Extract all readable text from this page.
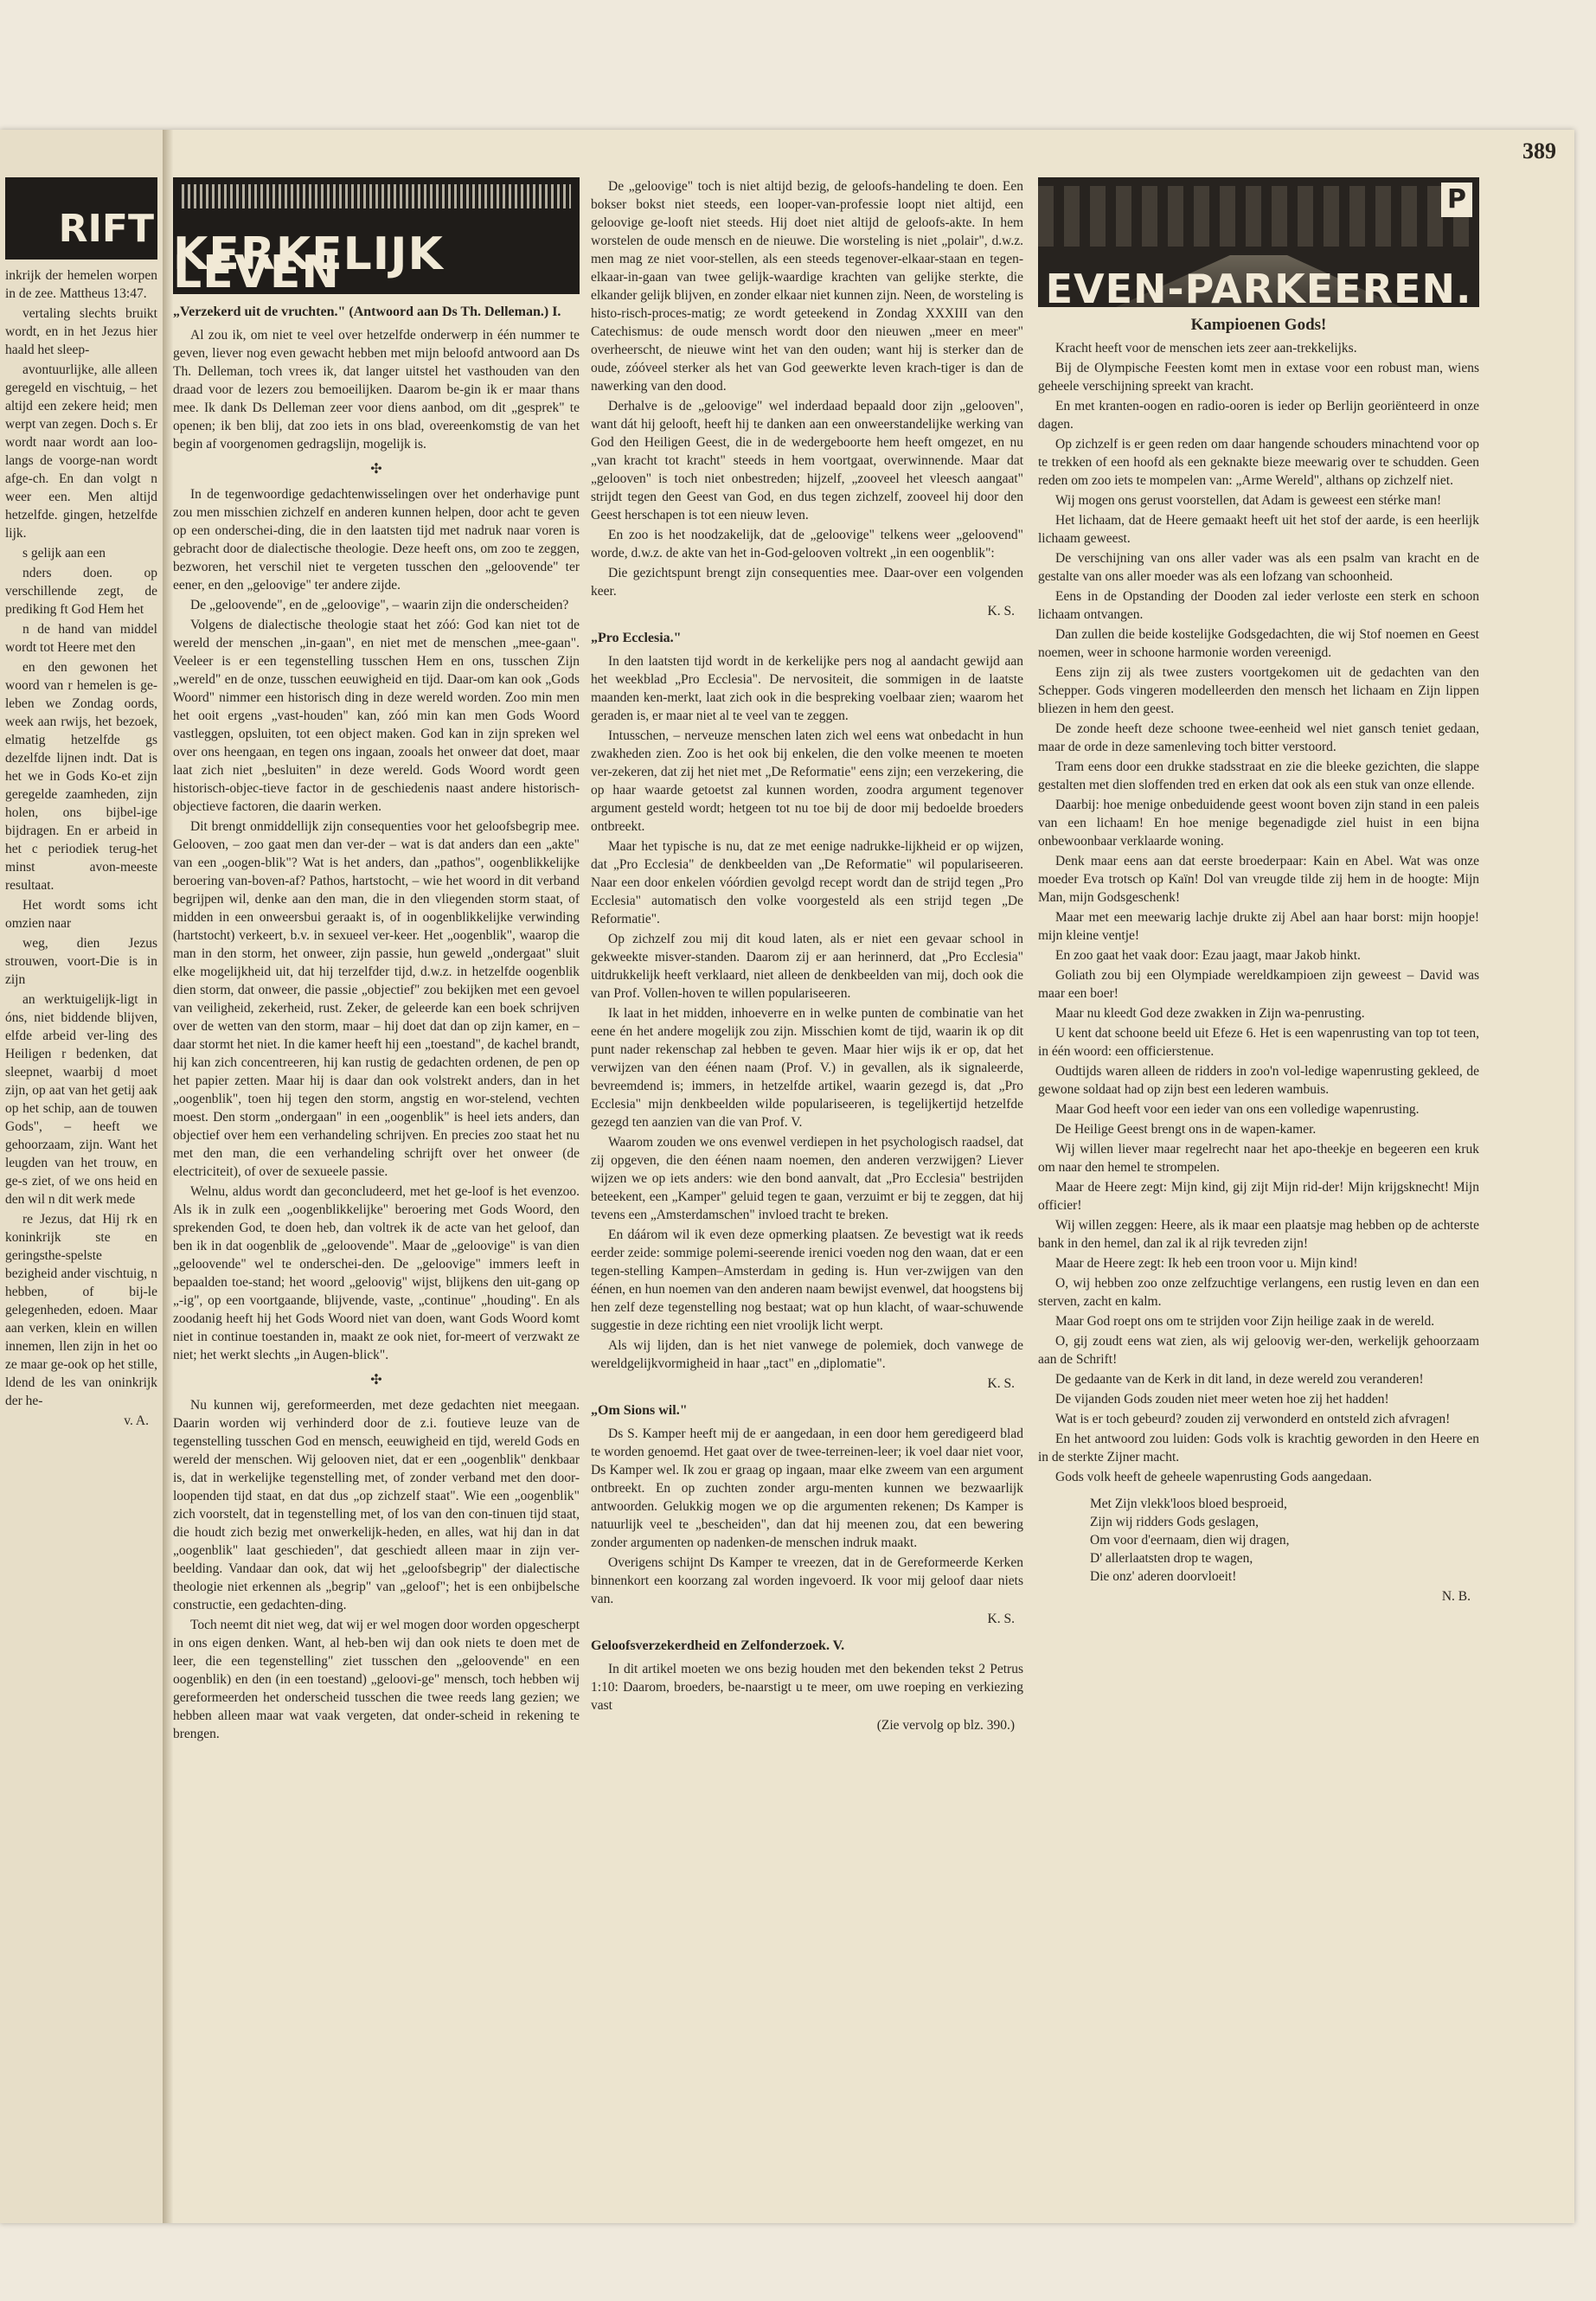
RIFT

inkrijk der hemelen worpen in de zee. Mattheus 13:47.

vertaling slechts bruikt wordt, en in het Jezus hier haald het sleep-

avontuurlijke, alle alleen geregeld en vischtuig, – het altijd een zekere heid; men werpt van zegen. Doch s. Er wordt naar wordt aan loo-langs de voorge-nan wordt afge-ch. En dan volgt n weer een. Men altijd hetzelfde. gingen, hetzelfde lijk.

s gelijk aan een

nders doen. op verschillende zegt, de prediking ft God Hem het

n de hand van middel wordt tot Heere met den

en den gewonen het woord van r hemelen is ge-leben we Zondag oords, week aan rwijs, het bezoek, elmatig hetzelfde gs dezelfde lijnen indt. Dat is het we in Gods Ko-et zijn geregelde zaamheden, zijn holen, ons bijbel-ige bijdragen. En er arbeid in het c periodiek terug-het minst avon-meeste resultaat.

Het wordt soms icht omzien naar

weg, dien Jezus strouwen, voort-Die is in zijn

an werktuigelijk-ligt in óns, niet biddende blijven, elfde arbeid ver-ling des Heiligen r bedenken, dat sleepnet, waarbij d moet zijn, op aat van het getij aak op het schip, aan de touwen Gods", – heeft we gehoorzaam, zijn. Want het leugden van het trouw, en ge-s ziet, of we ons heid en den wil n dit werk mede

re Jezus, dat Hij rk en koninkrijk ste en geringsthe-spelste bezigheid ander vischtuig, n hebben, of bij-le gelegenheden, edoen. Maar aan verken, klein en willen innemen, llen zijn in het oo ze maar ge-ook op het stille, ldend de les van oninkrijk der he-

v. A.
389
KERKELIJK LEVEN
„Verzekerd uit de vruchten." (Antwoord aan Ds Th. Delleman.) I.

Al zou ik, om niet te veel over hetzelfde onderwerp in één nummer te geven, liever nog even gewacht hebben met mijn beloofd antwoord aan Ds Th. Delleman, toch vrees ik, dat langer uitstel het vasthouden van den draad voor de lezers zou bemoeilijken. Daarom be-gin ik er maar thans mee. Ik dank Ds Delleman zeer voor diens aanbod, om dit „gesprek" te openen; ik ben blij, dat zoo iets in ons blad, overeenkomstig de van het begin af voorgenomen gedragslijn, mogelijk is.

✣

In de tegenwoordige gedachtenwisselingen over het onderhavige punt zou men misschien zichzelf en anderen kunnen helpen, door acht te geven op een onderschei-ding, die in den laatsten tijd met nadruk naar voren is gebracht door de dialectische theologie. Deze heeft ons, om zoo te zeggen, bezworen, het verschil niet te vergeten tusschen den „geloovende" ter eener, en den „geloovige" ter andere zijde.

De „geloovende", en de „geloovige", – waarin zijn die onderscheiden?

Volgens de dialectische theologie staat het zóó: God kan niet tot de wereld der menschen „in-gaan", en niet met de menschen „mee-gaan". Veeleer is er een tegenstelling tusschen Hem en ons, tusschen Zijn „wereld" en de onze, tusschen eeuwigheid en tijd. Daar-om kan ook „Gods Woord" nimmer een historisch ding in deze wereld worden. Zoo min men het ooit ergens „vast-houden" kan, zóó min kan men Gods Woord vastleggen, opsluiten, tot een object maken. God kan in zijn spreken wel over ons heengaan, en tegen ons ingaan, zooals het onweer dat doet, maar laat zich niet „besluiten" in deze wereld. Gods Woord wordt geen historisch-objec-tieve factor in de geschiedenis naast andere historisch-objectieve factoren, die daarin werken.

Dit brengt onmiddellijk zijn consequenties voor het geloofsbegrip mee. Gelooven, – zoo gaat men dan ver-der – wat is dat anders dan een „akte" van een „oogen-blik"? Wat is het anders, dan „pathos", oogenblikkelijke beroering van-boven-af? Pathos, hartstocht, – wie het woord in dit verband begrijpen wil, denke aan den man, die in den vliegenden storm staat, of midden in een onweersbui geraakt is, of in oogenblikkelijke verwinding (hartstocht) verkeert, b.v. in sexueel ver-keer. Het „oogenblik", waarop die man in den storm, het onweer, zijn passie, hun geweld „ondergaat" sluit elke mogelijkheid uit, dat hij terzelfder tijd, d.w.z. in hetzelfde oogenblik dien storm, dat onweer, die passie „objectief" zou bekijken met een gevoel van veiligheid, zekerheid, rust. Zeker, de geleerde kan een boek schrijven over de wetten van den storm, maar – hij doet dat dan op zijn kamer, en – daar stormt het niet. In die kamer heeft hij een „toestand", de kachel brandt, hij kan zich concentreeren, hij kan rustig de gedachten ordenen, de pen op het papier zetten. Maar hij is daar dan ook volstrekt anders, dan in het „oogenblik", toen hij tegen den storm, angstig en wor-stelend, vechten moest. Den storm „ondergaan" in een „oogenblik" is heel iets anders, dan objectief over hem een verhandeling schrijven. En precies zoo staat het nu met den man, die een verhandeling schrijft over het onweer (de electriciteit), of over de sexueele passie.

Welnu, aldus wordt dan geconcludeerd, met het ge-loof is het evenzoo. Als ik in zulk een „oogenblikkelijke" beroering met Gods Woord, den sprekenden God, te doen heb, dan voltrek ik de acte van het geloof, dan ben ik in dat oogenblik de „geloovende". Maar de „geloovige" is van dien „geloovende" wel te onderschei-den. De „geloovige" immers leeft in bepaalden toe-stand; het woord „geloovig" wijst, blijkens den uit-gang op „-ig", op een voortgaande, blijvende, vaste, „continue" „houding". En als zoodanig heeft hij het Gods Woord niet van doen, want Gods Woord komt niet in continue toestanden in, maakt ze ook niet, for-meert of verzwakt ze niet; het werkt slechts „in Augen-blick".

✣

Nu kunnen wij, gereformeerden, met deze gedachten niet meegaan. Daarin worden wij verhinderd door de z.i. foutieve leuze van de tegenstelling tusschen God en mensch, eeuwigheid en tijd, wereld Gods en wereld der menschen. Wij gelooven niet, dat er een „oogenblik" denkbaar is, dat in werkelijke tegenstelling met, of zonder verband met den door-loopenden tijd staat, en dat dus „op zichzelf staat". Wie een „oogenblik" zich voorstelt, dat in tegenstelling met, of los van den con-tinuen tijd staat, die houdt zich bezig met onwerkelijk-heden, en alles, wat hij dan in dat „oogenblik" laat geschieden", dat geschiedt alleen maar in zijn ver-beelding. Vandaar dan ook, dat wij het „geloofsbegrip" der dialectische theologie niet erkennen als „begrip" van „geloof"; het is een onbijbelsche constructie, een gedachten-ding.

Toch neemt dit niet weg, dat wij er wel mogen door worden opgescherpt in ons eigen denken. Want, al heb-ben wij dan ook niets te doen met de leer, die een tegenstelling" ziet tusschen den „geloovende" en een oogenblik) en den (in een toestand) „geloovi-ge" mensch, toch hebben wij gereformeerden het onderscheid tusschen die twee reeds lang gezien; we hebben alleen maar wat vaak vergeten, dat onder-scheid in rekening te brengen.

De „geloovige" toch is niet altijd bezig, de geloofs-handeling te doen. Een bokser bokst niet steeds, een looper-van-professie loopt niet altijd, een geloovige ge-looft niet steeds. Hij doet niet altijd de geloofs-akte. In hem worstelen de oude mensch en de nieuwe. Die worsteling is niet „polair", d.w.z. men mag ze niet voor-stellen, als een steeds tegenover-elkaar-staan en tegen-elkaar-in-gaan van twee gelijk-waardige krachten van gelijke sterkte, die elkander gelijk blijven, en zonder elkaar niet kunnen zijn. Neen, de worsteling is histo-risch-proces-matig; ze wordt geteekend in Zondag XXXIII van den Catechismus: de oude mensch wordt door den nieuwen „meer en meer" overheerscht, de nieuwe wint het van den ouden; want hij is sterker dan de oude, zóóveel sterker als het van God geewerkte leven krach-tiger is dan de nawerking van den dood.

Derhalve is de „geloovige" wel inderdaad bepaald door zijn „gelooven", want dát hij gelooft, heeft hij te danken aan een onweerstandelijke werking van God den Heiligen Geest, die in de wedergeboorte hem heeft omgezet, en nu „van kracht tot kracht" steeds in hem voortgaat, overwinnende. Maar dat „gelooven" is toch niet onbestreden; hijzelf, „zooveel het vleesch aangaat" strijdt tegen den Geest van God, en dus tegen zichzelf, zooveel hij door den Geest herschapen is tot een nieuw leven.

En zoo is het noodzakelijk, dat de „geloovige" telkens weer „geloovend" worde, d.w.z. de akte van het in-God-gelooven voltrekt „in een oogenblik":

Die gezichtspunt brengt zijn consequenties mee. Daar-over een volgenden keer.

K. S.
„Pro Ecclesia."

In den laatsten tijd wordt in de kerkelijke pers nog al aandacht gewijd aan het weekblad „Pro Ecclesia". De nervositeit, die sommigen in de laatste maanden ken-merkt, laat zich ook in die bespreking voelbaar zien; waarom het geraden is, er maar niet al te veel van te zeggen.

Intusschen, – nerveuze menschen laten zich wel eens wat onbedacht in hun zwakheden zien. Zoo is het ook bij enkelen, die den volke meenen te moeten ver-zekeren, dat zij het niet met „De Reformatie" eens zijn; een verzekering, die op haar waarde getoetst zal kunnen worden, zoodra argument tegenover argument gesteld wordt; hetgeen tot nu toe bij de door mij bedoelde broeders ontbreekt.

Maar het typische is nu, dat ze met eenige nadrukke-lijkheid er op wijzen, dat „Pro Ecclesia" de denkbeelden van „De Reformatie" wil populariseeren. Naar een door enkelen vóórdien gevolgd recept wordt dan de strijd tegen „Pro Ecclesia" automatisch den volke voorgesteld als een strijd tegen „De Reformatie".

Op zichzelf zou mij dit koud laten, als er niet een gevaar school in gekweekte misver-standen. Daarom zij er aan herinnerd, dat „Pro Ecclesia" uitdrukkelijk heeft verklaard, niet alleen de denkbeelden van mij, doch ook die van Prof. Vollen-hoven te willen populariseeren.

Ik laat in het midden, inhoeverre en in welke punten de combinatie van het eene én het andere mogelijk zou zijn. Misschien komt de tijd, waarin ik op dit punt nader rekenschap zal hebben te geven. Maar hier wijs ik er op, dat het verwijzen van den éénen naam (Prof. V.) in gevallen, als ik signaleerde, bevreemdend is; immers, in hetzelfde artikel, waarin gezegd is, dat „Pro Ecclesia" mijn denkbeelden wilde populariseeren, is tegelijkertijd hetzelfde gezegd ten aanzien van die van Prof. V.

Waarom zouden we ons evenwel verdiepen in het psychologisch raadsel, dat zij opgeven, die den éénen naam noemen, den anderen verzwijgen? Liever wijzen we op iets anders: wie den bond aanvalt, dat „Pro Ecclesia" bestrijden beteekent, een „Kamper" geluid tegen te gaan, verzuimt er bij te zeggen, dat hij tevens een „Amsterdamschen" invloed tracht te breken.

En dáárom wil ik even deze opmerking plaatsen. Ze bevestigt wat ik reeds eerder zeide: sommige polemi-seerende irenici voeden nog den waan, dat er een tegen-stelling Kampen–Amsterdam in geding is. Hun ver-zwijgen van den éénen, en hun noemen van den anderen naam bewijst evenwel, dat hoogstens bij hen zelf deze tegenstelling nog bestaat; wat op hun klacht, of waar-schuwende suggestie in deze richting een niet vroolijk licht werpt.

Als wij lijden, dan is het niet vanwege de polemiek, doch vanwege de wereldgelijkvormigheid in haar „tact" en „diplomatie".

K. S.
„Om Sions wil."

Ds S. Kamper heeft mij de er aangedaan, in een door hem geredigeerd blad te worden genoemd. Het gaat over de twee-terreinen-leer; ik voel daar niet voor, Ds Kamper wel. Ik zou er graag op ingaan, maar elke zweem van een argument ontbreekt. En op zuchten zonder argu-menten kunnen we bezwaarlijk antwoorden. Gelukkig mogen we op die argumenten rekenen; Ds Kamper is natuurlijk veel te „bescheiden", dan dat hij meenen zou, dat een bewering zonder argumenten op nadenken-de menschen indruk maakt.

Overigens schijnt Ds Kamper te vreezen, dat in de Gereformeerde Kerken binnenkort een koorzang zal worden ingevoerd. Ik voor mij geloof daar niets van.

K. S.
Geloofsverzekerdheid en Zelfonderzoek. V.

In dit artikel moeten we ons bezig houden met den bekenden tekst 2 Petrus 1:10: Daarom, broeders, be-naarstigt u te meer, om uwe roeping en verkiezing vast

(Zie vervolg op blz. 390.)
P
EVEN-PARKEEREN.
Kampioenen Gods!

Kracht heeft voor de menschen iets zeer aan-trekkelijks.

Bij de Olympische Feesten komt men in extase voor een robust man, wiens geheele verschijning spreekt van kracht.

En met kranten-oogen en radio-ooren is ieder op Berlijn georiënteerd in onze dagen.

Op zichzelf is er geen reden om daar hangende schouders minachtend voor op te trekken of een hoofd als een geknakte bieze meewarig over te schudden. Geen reden om zoo iets te mompelen van: „Arme Wereld", althans op zichzelf niet.

Wij mogen ons gerust voorstellen, dat Adam is geweest een stérke man!

Het lichaam, dat de Heere gemaakt heeft uit het stof der aarde, is een heerlijk lichaam geweest.

De verschijning van ons aller vader was als een psalm van kracht en de gestalte van ons aller moeder was als een lofzang van schoonheid.

Eens in de Opstanding der Dooden zal ieder verloste een sterk en schoon lichaam ontvangen.

Dan zullen die beide kostelijke Godsgedachten, die wij Stof noemen en Geest noemen, weer in schoone harmonie worden vereenigd.

Eens zijn zij als twee zusters voortgekomen uit de gedachten van den Schepper. Gods vingeren modelleerden den mensch het lichaam en Zijn lippen bliezen in hem den geest.

De zonde heeft deze schoone twee-eenheid wel niet gansch teniet gedaan, maar de orde in deze samenleving toch bitter verstoord.

Tram eens door een drukke stadsstraat en zie die bleeke gezichten, die slappe gestalten met dien sloffenden tred en erken dat ook als een stuk van onze ellende.

Daarbij: hoe menige onbeduidende geest woont boven zijn stand in een paleis van een lichaam! En hoe menige begenadigde ziel huist in een bijna onbewoonbaar verklaarde woning.

Denk maar eens aan dat eerste broederpaar: Kain en Abel. Wat was onze moeder Eva trotsch op Kaïn! Dol van vreugde tilde zij hem in de hoogte: Mijn Man, mijn Godsgeschenk!

Maar met een meewarig lachje drukte zij Abel aan haar borst: mijn hoopje! mijn kleine ventje!

En zoo gaat het vaak door: Ezau jaagt, maar Jakob hinkt.

Goliath zou bij een Olympiade wereldkampioen zijn geweest – David was maar een boer!

Maar nu kleedt God deze zwakken in Zijn wa-penrusting.

U kent dat schoone beeld uit Efeze 6. Het is een wapenrusting van top tot teen, in één woord: een officierstenue.

Oudtijds waren alleen de ridders in zoo'n vol-ledige wapenrusting gekleed, de gewone soldaat had op zijn best een lederen wambuis.

Maar God heeft voor een ieder van ons een volledige wapenrusting.

De Heilige Geest brengt ons in de wapen-kamer.

Wij willen liever maar regelrecht naar het apo-theekje en begeeren een kruk om naar den hemel te strompelen.

Maar de Heere zegt: Mijn kind, gij zijt Mijn rid-der! Mijn krijgsknecht! Mijn officier!

Wij willen zeggen: Heere, als ik maar een plaatsje mag hebben op de achterste bank in den hemel, dan zal ik al rijk tevreden zijn!

Maar de Heere zegt: Ik heb een troon voor u. Mijn kind!

O, wij hebben zoo onze zelfzuchtige verlangens, een rustig leven en dan een sterven, zacht en kalm.

Maar God roept ons om te strijden voor Zijn heilige zaak in de wereld.

O, gij zoudt eens wat zien, als wij geloovig wer-den, werkelijk gehoorzaam aan de Schrift!

De gedaante van de Kerk in dit land, in deze wereld zou veranderen!

De vijanden Gods zouden niet meer weten hoe zij het hadden!

Wat is er toch gebeurd? zouden zij verwonderd en ontsteld zich afvragen!

En het antwoord zou luiden: Gods volk is krachtig geworden in den Heere en in de sterkte Zijner macht.

Gods volk heeft de geheele wapenrusting Gods aangedaan.

Met Zijn vlekk'loos bloed besproeid,
Zijn wij ridders Gods geslagen,
Om voor d'eernaam, dien wij dragen,
D' allerlaatsten drop te wagen,
Die onz' aderen doorvloeit!
N. B.
